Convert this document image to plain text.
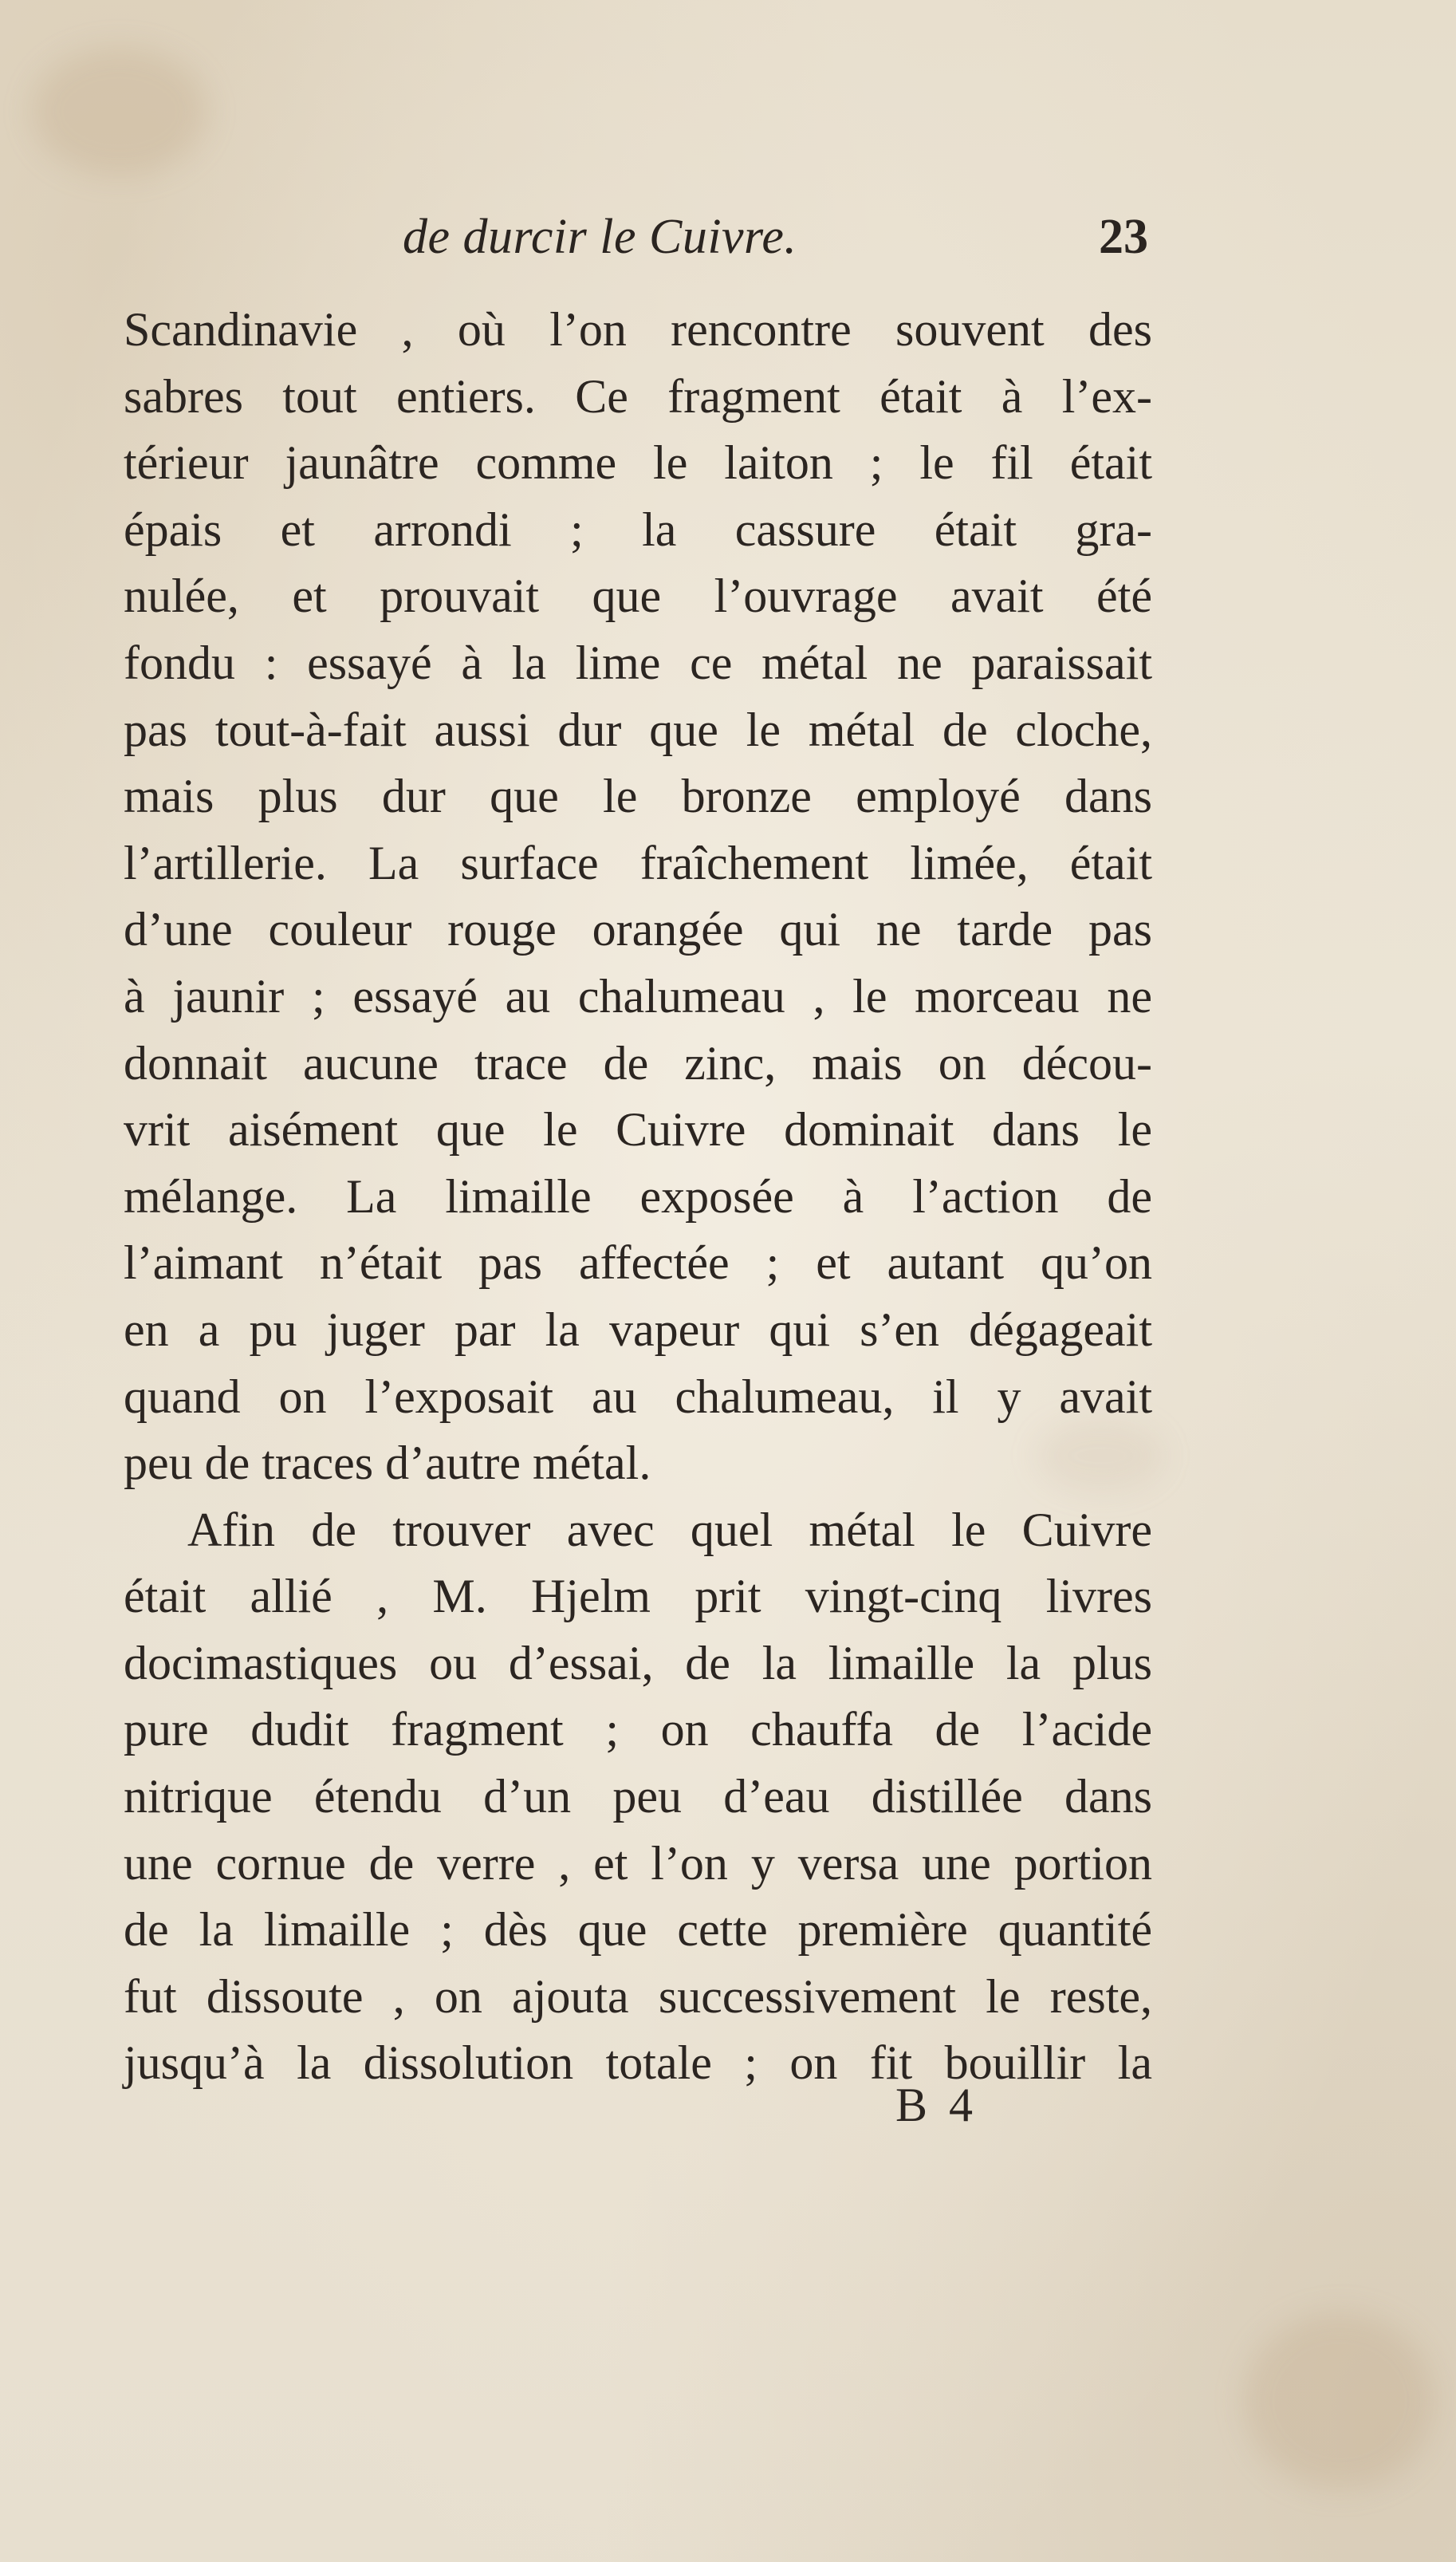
de durcir le Cuivre.	23
Scandinavie , où l’on rencontre souvent des
sabres tout entiers. Ce fragment était à l’ex-
térieur jaunâtre comme le laiton ; le fil était
épais et arrondi ; la cassure était gra-
nulée, et prouvait que l’ouvrage avait été
fondu : essayé à la lime ce métal ne paraissait
pas tout-à-fait aussi dur que le métal de cloche,
mais plus dur que le bronze employé dans
l’artillerie. La surface fraîchement limée, était
d’une couleur rouge orangée qui ne tarde pas
à jaunir ; essayé au chalumeau , le morceau ne
donnait aucune trace de zinc, mais on décou-
vrit aisément que le Cuivre dominait dans le
mélange. La limaille exposée à l’action de
l’aimant n’était pas affectée ; et autant qu’on
en a pu juger par la vapeur qui s’en dégageait
quand on l’exposait au chalumeau, il y avait
peu de traces d’autre métal.
Afin de trouver avec quel métal le Cuivre
était allié , M. Hjelm prit vingt-cinq livres
docimastiques ou d’essai, de la limaille la plus
pure dudit fragment ; on chauffa de l’acide
nitrique étendu d’un peu d’eau distillée dans
une cornue de verre , et l’on y versa une portion
de la limaille ; dès que cette première quantité
fut dissoute , on ajouta successivement le reste,
jusqu’à la dissolution totale ; on fit bouillir la
B 4
